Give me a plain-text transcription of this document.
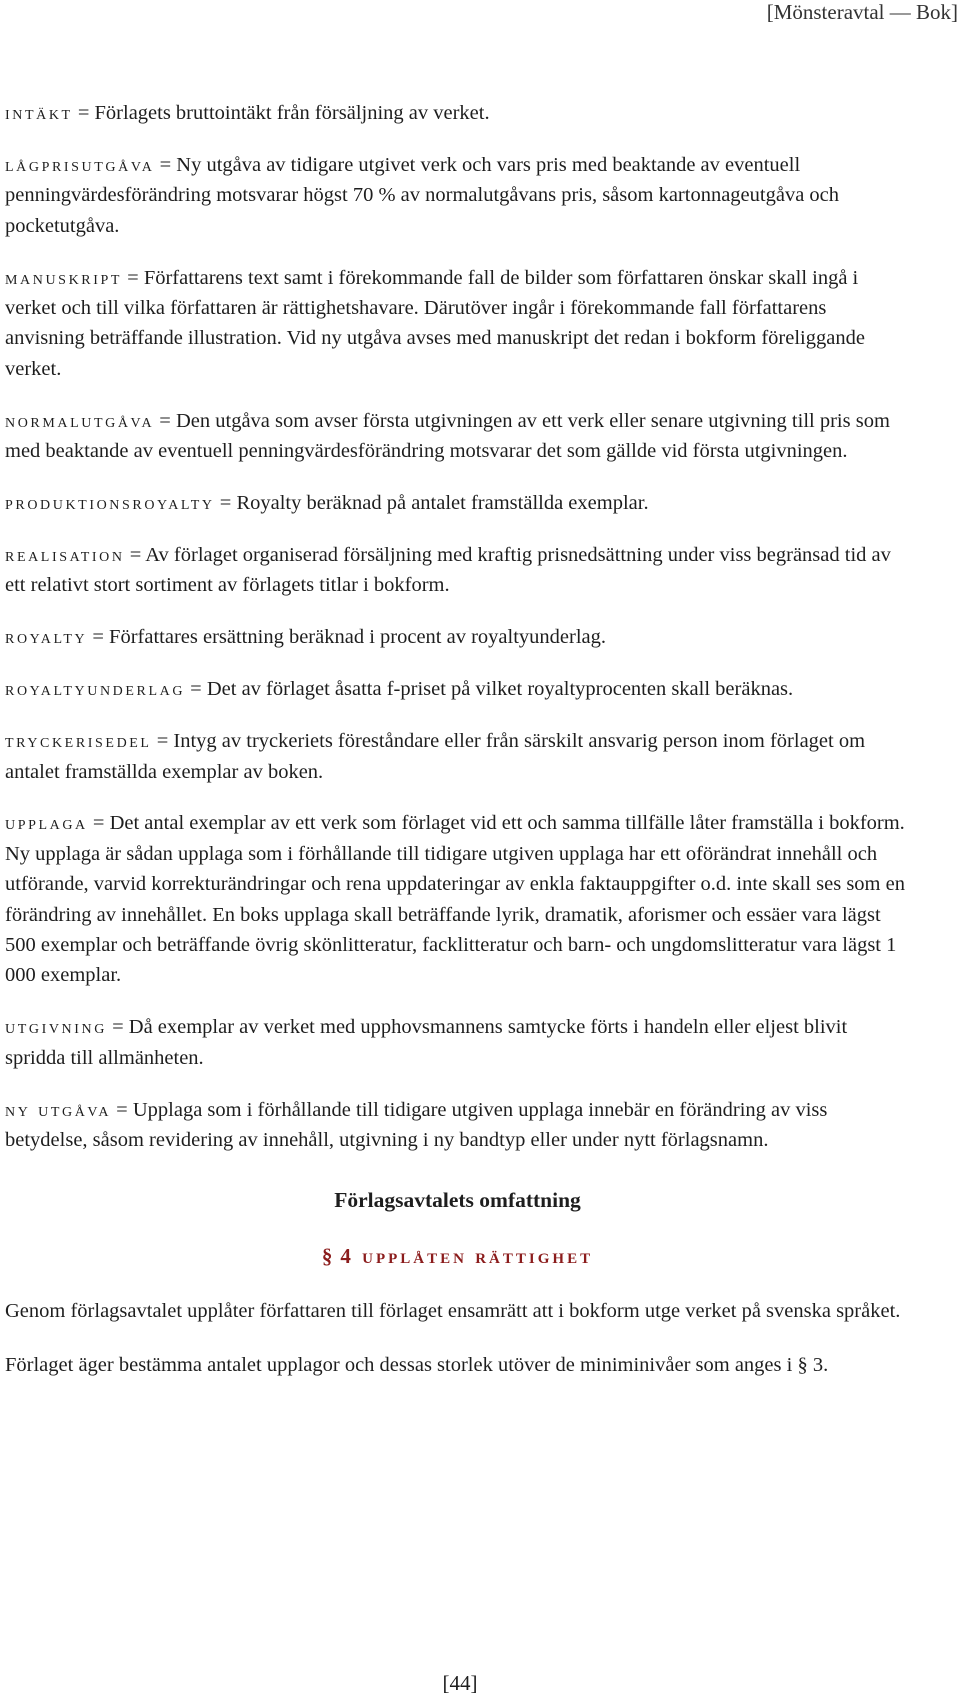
[Mönsteravtal — Bok]

intäkt = Förlagets bruttointäkt från försäljning av verket.

lågprisutgåva = Ny utgåva av tidigare utgivet verk och vars pris med beaktande av eventuell penningvärdesförändring motsvarar högst 70 % av normalutgåvans pris, såsom kartonnageutgåva och pocketutgåva.

manuskript = Författarens text samt i förekommande fall de bilder som författaren önskar skall ingå i verket och till vilka författaren är rättighetshavare. Därutöver ingår i förekommande fall författarens anvisning beträffande illustration. Vid ny utgåva avses med manuskript det redan i bokform föreliggande verket.

normalutgåva = Den utgåva som avser första utgivningen av ett verk eller senare utgivning till pris som med beaktande av eventuell penningvärdesförändring motsvarar det som gällde vid första utgivningen.

produktionsroyalty = Royalty beräknad på antalet framställda exemplar.

realisation = Av förlaget organiserad försäljning med kraftig prisnedsättning under viss begränsad tid av ett relativt stort sortiment av förlagets titlar i bokform.

royalty = Författares ersättning beräknad i procent av royaltyunderlag.

royaltyunderlag = Det av förlaget åsatta f-priset på vilket royaltyprocenten skall beräknas.

tryckerisedel = Intyg av tryckeriets föreståndare eller från särskilt ansvarig person inom förlaget om antalet framställda exemplar av boken.

upplaga = Det antal exemplar av ett verk som förlaget vid ett och samma tillfälle låter framställa i bokform. Ny upplaga är sådan upplaga som i förhållande till tidigare utgiven upplaga har ett oförändrat innehåll och utförande, varvid korrekturändringar och rena uppdateringar av enkla faktauppgifter o.d. inte skall ses som en förändring av innehållet. En boks upplaga skall beträffande lyrik, dramatik, aforismer och essäer vara lägst 500 exemplar och beträffande övrig skönlitteratur, facklitteratur och barn- och ungdomslitteratur vara lägst 1 000 exemplar.

utgivning = Då exemplar av verket med upphovsmannens samtycke förts i handeln eller eljest blivit spridda till allmänheten.

ny utgåva = Upplaga som i förhållande till tidigare utgiven upplaga innebär en förändring av viss betydelse, såsom revidering av innehåll, utgivning i ny bandtyp eller under nytt förlagsnamn.

Förlagsavtalets omfattning
§ 4 upplåten rättighet

Genom förlagsavtalet upplåter författaren till förlaget ensamrätt att i bokform utge verket på svenska språket.

Förlaget äger bestämma antalet upplagor och dessas storlek utöver de miniminivåer som anges i § 3.

[44]
